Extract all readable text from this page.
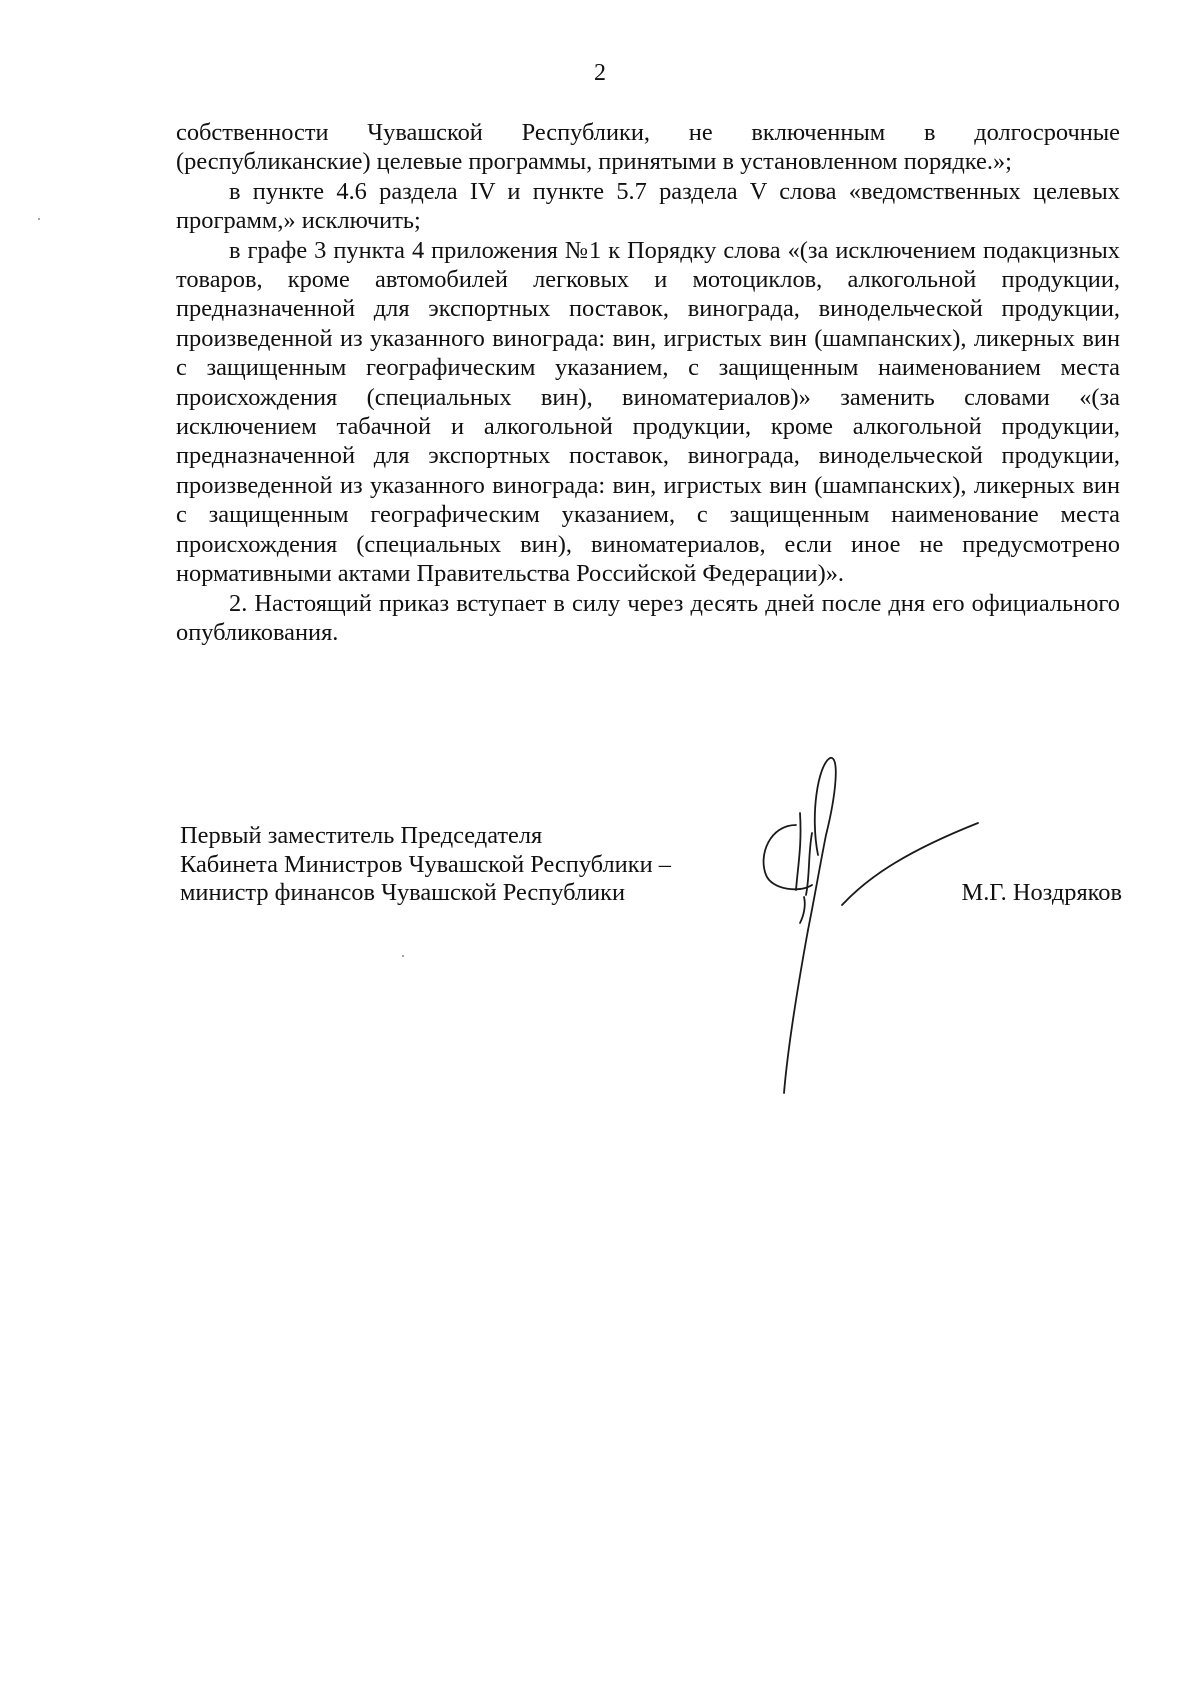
2

собственности Чувашской Республики, не включенным в долгосрочные (республиканские) целевые программы, принятыми в установленном порядке.»;

в пункте 4.6 раздела IV и пункте 5.7 раздела V слова «ведомственных целевых программ,» исключить;

в графе 3 пункта 4 приложения №1 к Порядку слова «(за исключением подакцизных товаров, кроме автомобилей легковых и мотоциклов, алкогольной продукции, предназначенной для экспортных поставок, винограда, винодельческой продукции, произведенной из указанного винограда: вин, игристых вин (шампанских), ликерных вин с защищенным географическим указанием, с защищенным наименованием места происхождения (специальных вин), виноматериалов)» заменить словами «(за исключением табачной и алкогольной продукции, кроме алкогольной продукции, предназначенной для экспортных поставок, винограда, винодельческой продукции, произведенной из указанного винограда: вин, игристых вин (шампанских), ликерных вин с защищенным географическим указанием, с защищенным наименование места происхождения (специальных вин), виноматериалов, если иное не предусмотрено нормативными актами Правительства Российской Федерации)».

2. Настоящий приказ вступает в силу через десять дней после дня его официального опубликования.

Первый заместитель Председателя
Кабинета Министров Чувашской Республики –
министр финансов Чувашской Республики	М.Г. Ноздряков
